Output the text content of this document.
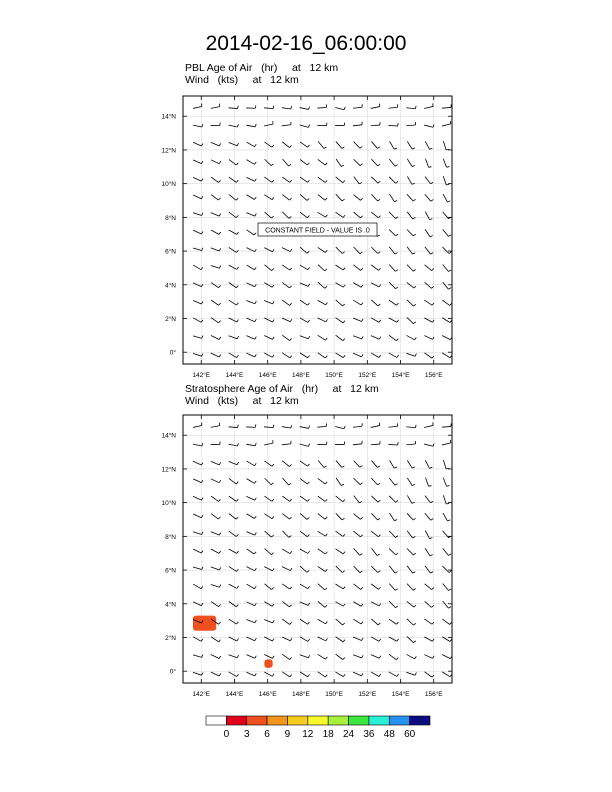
2014-02-16_06:00:00
PBL Age of Air   (hr)     at   12 km
Wind   (kts)     at   12 km
Stratosphere Age of Air   (hr)     at   12 km
Wind   (kts)     at   12 km
142°E 144°E 146°E 148°E 150°E 152°E 154°E 156°E
0°
2°N
4°N
6°N
8°N
10°N
12°N
14°N
CONSTANT FIELD - VALUE IS .0
142°E 144°E 146°E 148°E 150°E 152°E 154°E 156°E
0°
2°N
4°N
6°N
8°N
10°N
12°N
14°N
0 3 6 9 12 18 24 36 48 60
